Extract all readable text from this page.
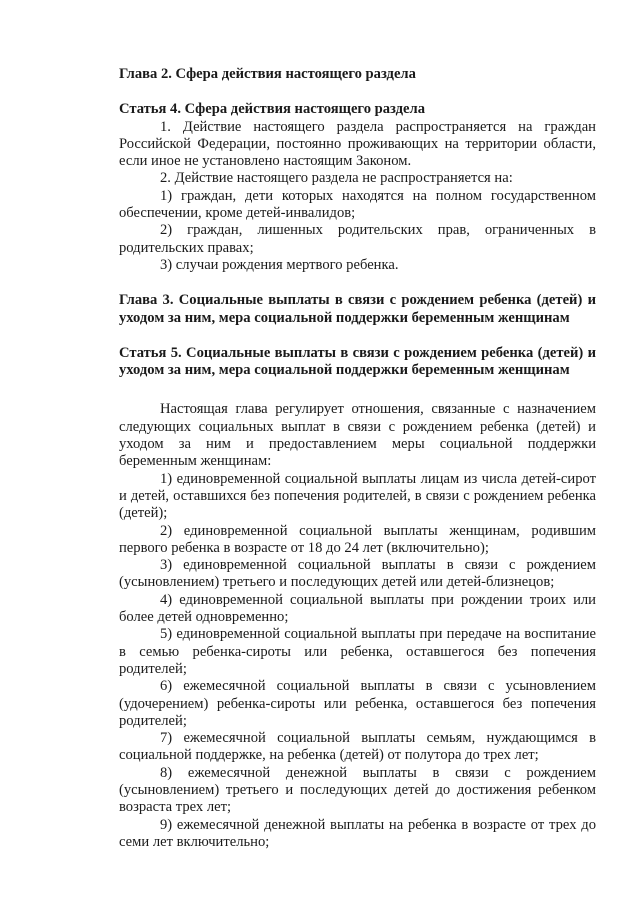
Глава 2. Сфера действия настоящего раздела

Статья 4. Сфера действия настоящего раздела

1. Действие настоящего раздела распространяется на граждан Российской Федерации, постоянно проживающих на территории области, если иное не установлено настоящим Законом.

2. Действие настоящего раздела не распространяется на:

1) граждан, дети которых находятся на полном государственном обеспечении, кроме детей-инвалидов;

2) граждан, лишенных родительских прав, ограниченных в родительских правах;

3) случаи рождения мертвого ребенка.

Глава 3. Социальные выплаты в связи с рождением ребенка (детей) и уходом за ним, мера социальной поддержки беременным женщинам

Статья 5. Социальные выплаты в связи с рождением ребенка (детей) и уходом за ним, мера социальной поддержки беременным женщинам

Настоящая глава регулирует отношения, связанные с назначением следующих социальных выплат в связи с рождением ребенка (детей) и уходом за ним и предоставлением меры социальной поддержки беременным женщинам:

1) единовременной социальной выплаты лицам из числа детей-сирот и детей, оставшихся без попечения родителей, в связи с рождением ребенка (детей);

2) единовременной социальной выплаты женщинам, родившим первого ребенка в возрасте от 18 до 24 лет (включительно);

3) единовременной социальной выплаты в связи с рождением (усыновлением) третьего и последующих детей или детей-близнецов;

4) единовременной социальной выплаты при рождении троих или более детей одновременно;

5) единовременной социальной выплаты при передаче на воспитание в семью ребенка-сироты или ребенка, оставшегося без попечения родителей;

6) ежемесячной социальной выплаты в связи с усыновлением (удочерением) ребенка-сироты или ребенка, оставшегося без попечения родителей;

7) ежемесячной социальной выплаты семьям, нуждающимся в социальной поддержке, на ребенка (детей) от полутора до трех лет;

8) ежемесячной денежной выплаты в связи с рождением (усыновлением) третьего и последующих детей до достижения ребенком возраста трех лет;

9) ежемесячной денежной выплаты на ребенка в возрасте от трех до семи лет включительно;
